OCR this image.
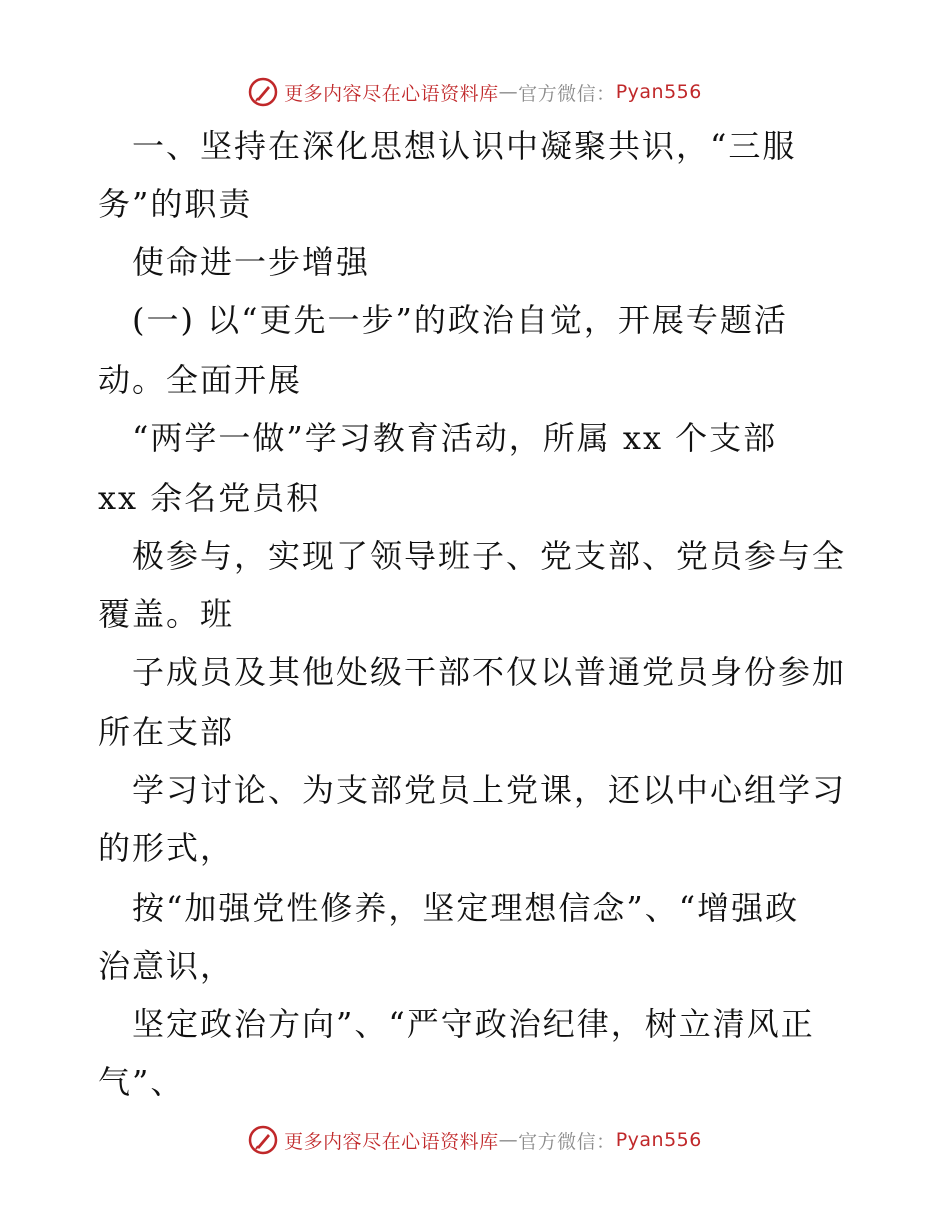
更多内容尽在心语资料库 — 官方微信： Pyan556
　一、坚持在深化思想认识中凝聚共识，“三服
务”的职责
　使命进一步增强
　(一) 以“更先一步”的政治自觉，开展专题活
动。全面开展
　“两学一做”学习教育活动，所属 xx 个支部
xx 余名党员积
　极参与，实现了领导班子、党支部、党员参与全
覆盖。班
　子成员及其他处级干部不仅以普通党员身份参加
所在支部
　学习讨论、为支部党员上党课，还以中心组学习
的形式，
　按“加强党性修养，坚定理想信念”、“增强政
治意识，
　坚定政治方向”、“严守政治纪律，树立清风正
气”、
更多内容尽在心语资料库 — 官方微信： Pyan556
